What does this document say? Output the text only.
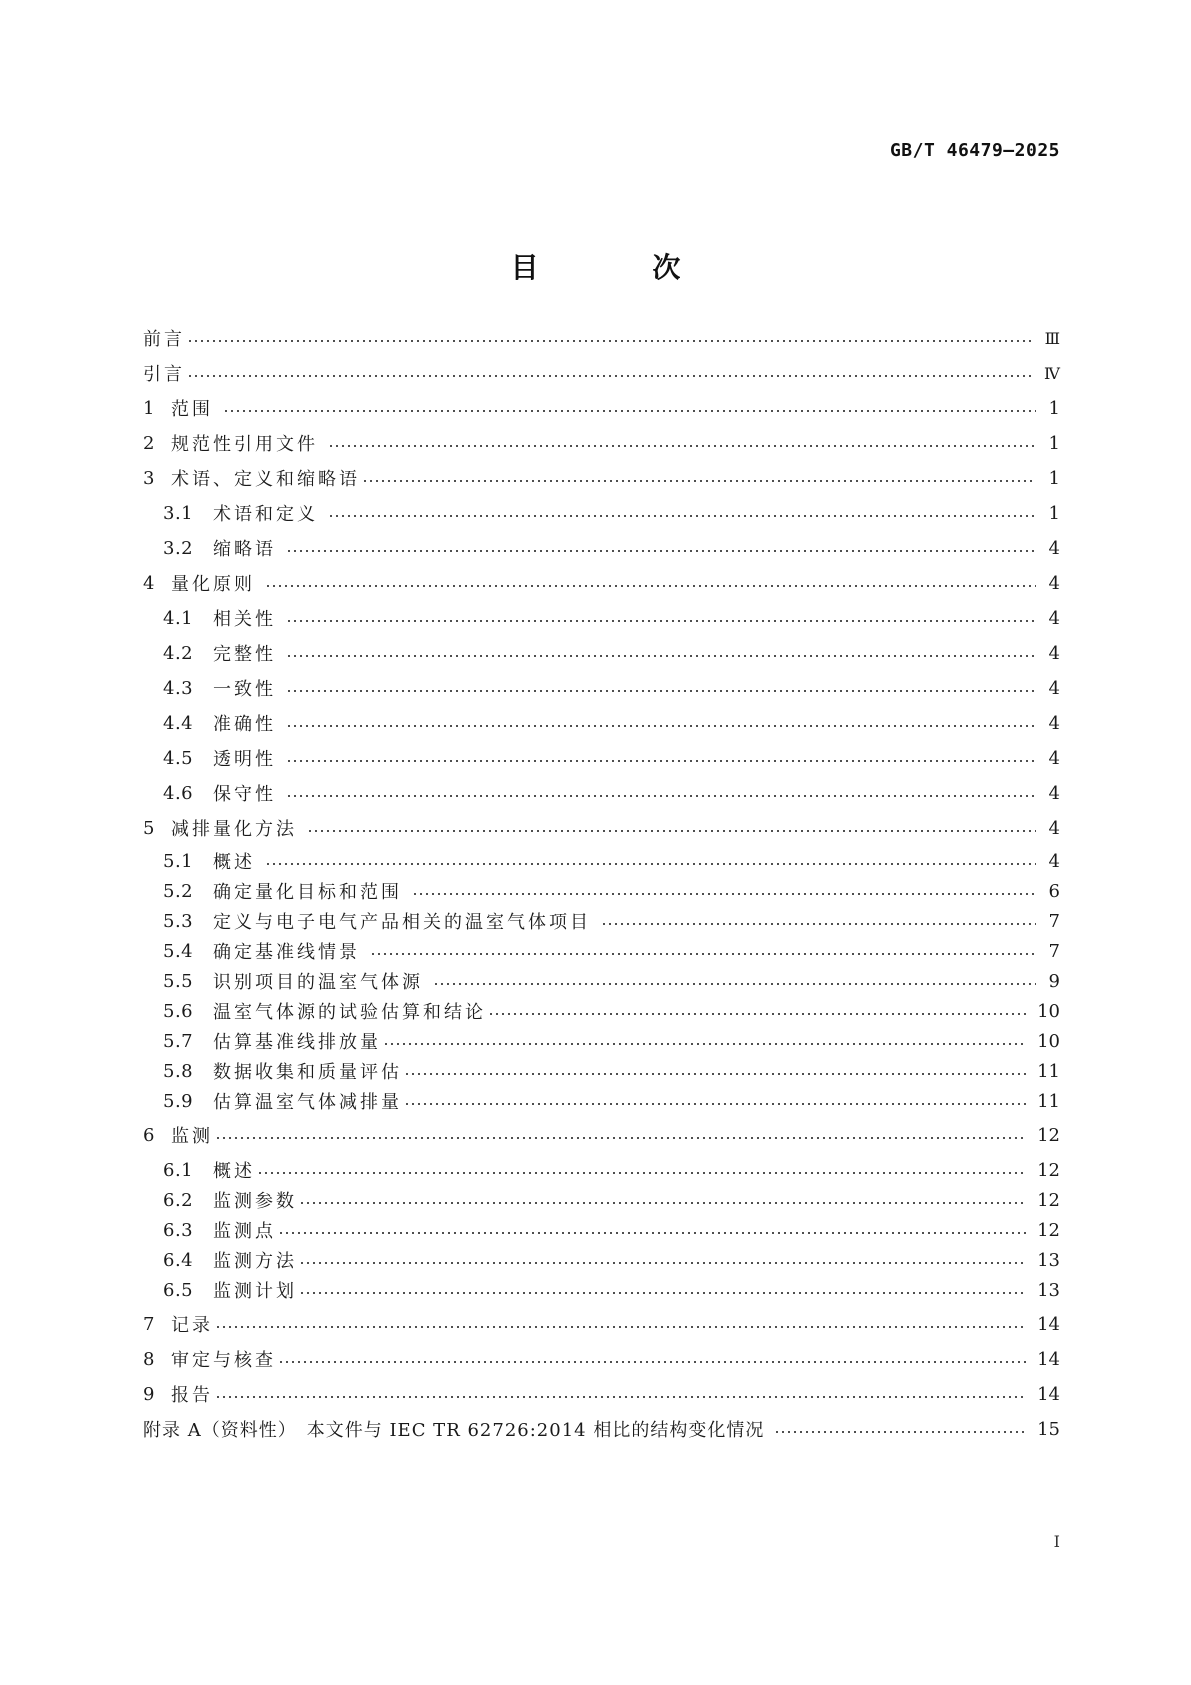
GB/T 46479—2025
目 次
前言	Ⅲ
引言	Ⅳ
1 范围	1
2 规范性引用文件	1
3 术语、定义和缩略语	1
3.1	术语和定义	1
3.2	缩略语	4
4 量化原则	4
4.1	相关性	4
4.2	完整性	4
4.3	一致性	4
4.4	准确性	4
4.5	透明性	4
4.6	保守性	4
5 减排量化方法	4
5.1	概述	4
5.2	确定量化目标和范围	6
5.3	定义与电子电气产品相关的温室气体项目	7
5.4	确定基准线情景	7
5.5	识别项目的温室气体源	9
5.6	温室气体源的试验估算和结论	10
5.7	估算基准线排放量	10
5.8	数据收集和质量评估	11
5.9	估算温室气体减排量	11
6 监测	12
6.1	概述	12
6.2	监测参数	12
6.3	监测点	12
6.4	监测方法	13
6.5	监测计划	13
7 记录	14
8 审定与核查	14
9 报告	14
附录 A（资料性）　本文件与 IEC TR 62726:2014 相比的结构变化情况	15
I
